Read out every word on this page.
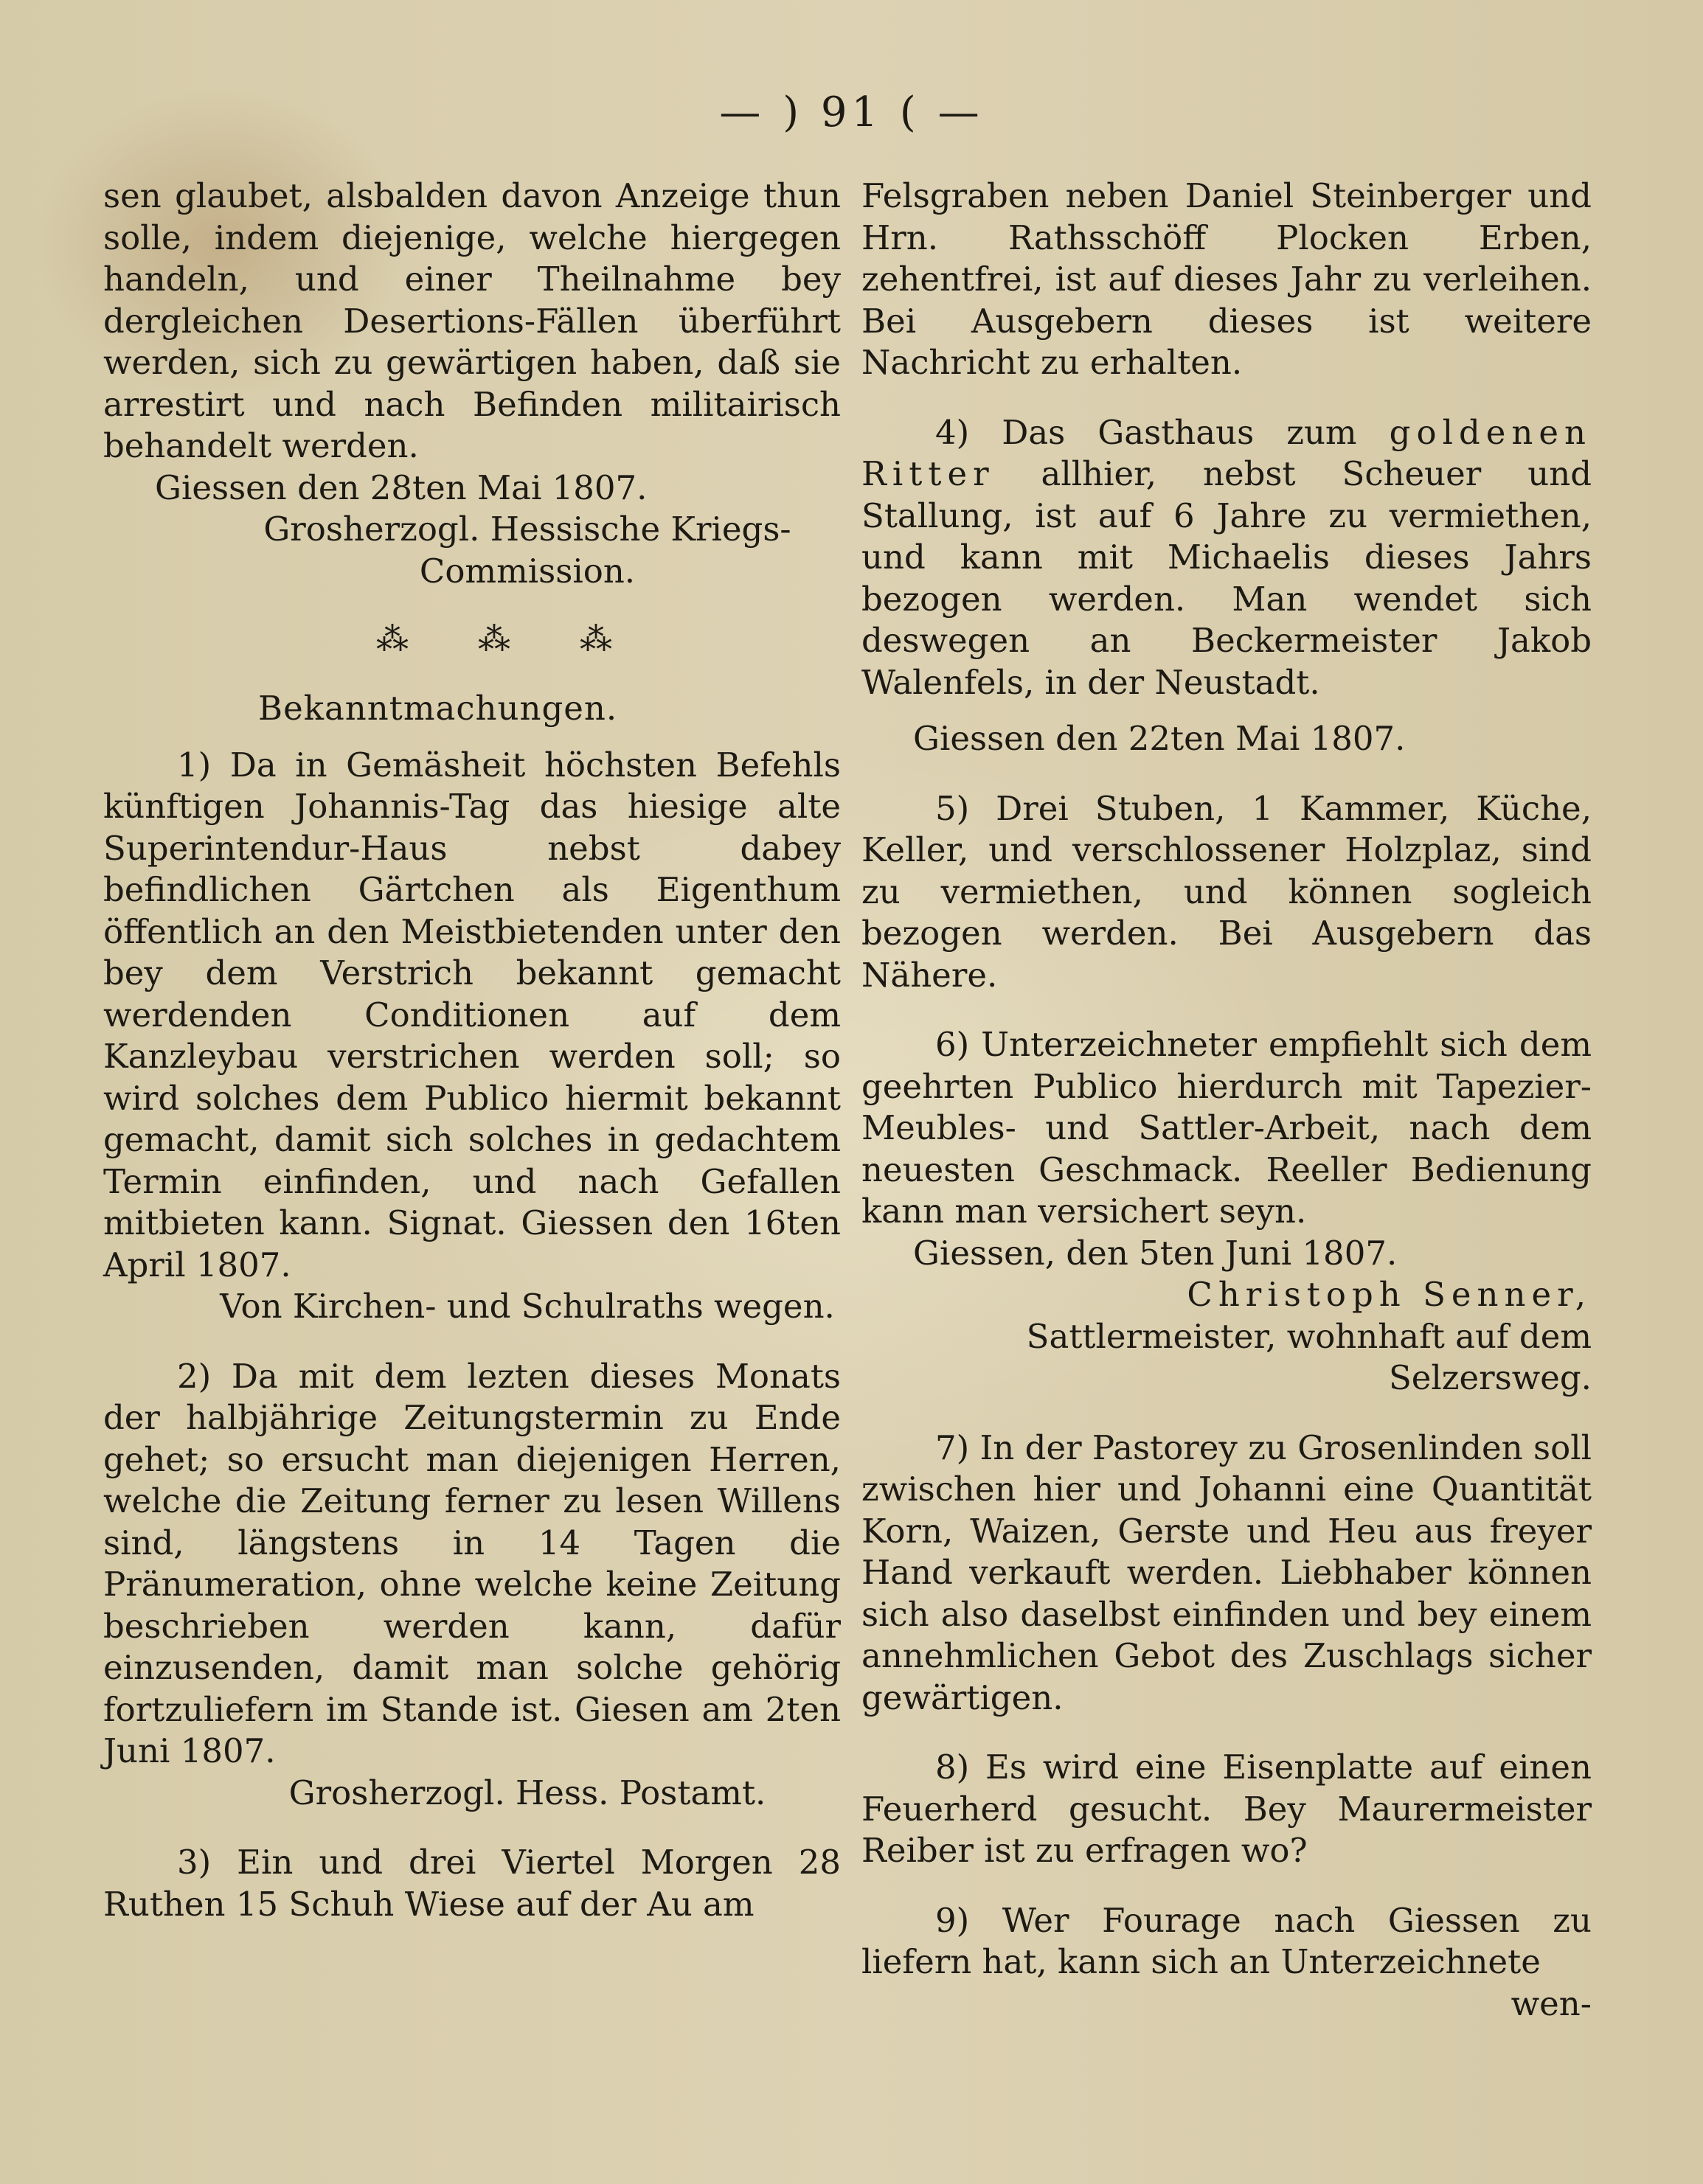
— ) 91 ( —

sen glaubet, alsbalden davon Anzeige thun solle, indem diejenige, welche hiergegen handeln, und einer Theilnahme bey dergleichen Desertions-Fällen überführt werden, sich zu gewärtigen haben, daß sie arrestirt und nach Befinden militairisch behandelt werden.

Giessen den 28ten Mai 1807.

Grosherzogl. Hessische Kriegs-Commission.

⁂ ⁂ ⁂

Bekanntmachungen.

1) Da in Gemäsheit höchsten Befehls künftigen Johannis-Tag das hiesige alte Superintendur-Haus nebst dabey befindlichen Gärtchen als Eigenthum öffentlich an den Meistbietenden unter den bey dem Verstrich bekannt gemacht werdenden Conditionen auf dem Kanzleybau verstrichen werden soll; so wird solches dem Publico hiermit bekannt gemacht, damit sich solches in gedachtem Termin einfinden, und nach Gefallen mitbieten kann. Signat. Giessen den 16ten April 1807.

Von Kirchen- und Schulraths wegen.

2) Da mit dem lezten dieses Monats der halbjährige Zeitungstermin zu Ende gehet; so ersucht man diejenigen Herren, welche die Zeitung ferner zu lesen Willens sind, längstens in 14 Tagen die Pränumeration, ohne welche keine Zeitung beschrieben werden kann, dafür einzusenden, damit man solche gehörig fortzuliefern im Stande ist. Giesen am 2ten Juni 1807.

Grosherzogl. Hess. Postamt.

3) Ein und drei Viertel Morgen 28 Ruthen 15 Schuh Wiese auf der Au am

Felsgraben neben Daniel Steinberger und Hrn. Rathsschöff Plocken Erben, zehentfrei, ist auf dieses Jahr zu verleihen. Bei Ausgebern dieses ist weitere Nachricht zu erhalten.

4) Das Gasthaus zum goldenen Ritter allhier, nebst Scheuer und Stallung, ist auf 6 Jahre zu vermiethen, und kann mit Michaelis dieses Jahrs bezogen werden. Man wendet sich deswegen an Beckermeister Jakob Walenfels, in der Neustadt.

Giessen den 22ten Mai 1807.

5) Drei Stuben, 1 Kammer, Küche, Keller, und verschlossener Holzplaz, sind zu vermiethen, und können sogleich bezogen werden. Bei Ausgebern das Nähere.

6) Unterzeichneter empfiehlt sich dem geehrten Publico hierdurch mit Tapezier-Meubles- und Sattler-Arbeit, nach dem neuesten Geschmack. Reeller Bedienung kann man versichert seyn.

Giessen, den 5ten Juni 1807.

Christoph Senner,

Sattlermeister, wohnhaft auf dem Selzersweg.

7) In der Pastorey zu Grosenlinden soll zwischen hier und Johanni eine Quantität Korn, Waizen, Gerste und Heu aus freyer Hand verkauft werden. Liebhaber können sich also daselbst einfinden und bey einem annehmlichen Gebot des Zuschlags sicher gewärtigen.

8) Es wird eine Eisenplatte auf einen Feuerherd gesucht. Bey Maurermeister Reiber ist zu erfragen wo?

9) Wer Fourage nach Giessen zu liefern hat, kann sich an Unterzeichnete

wen-
